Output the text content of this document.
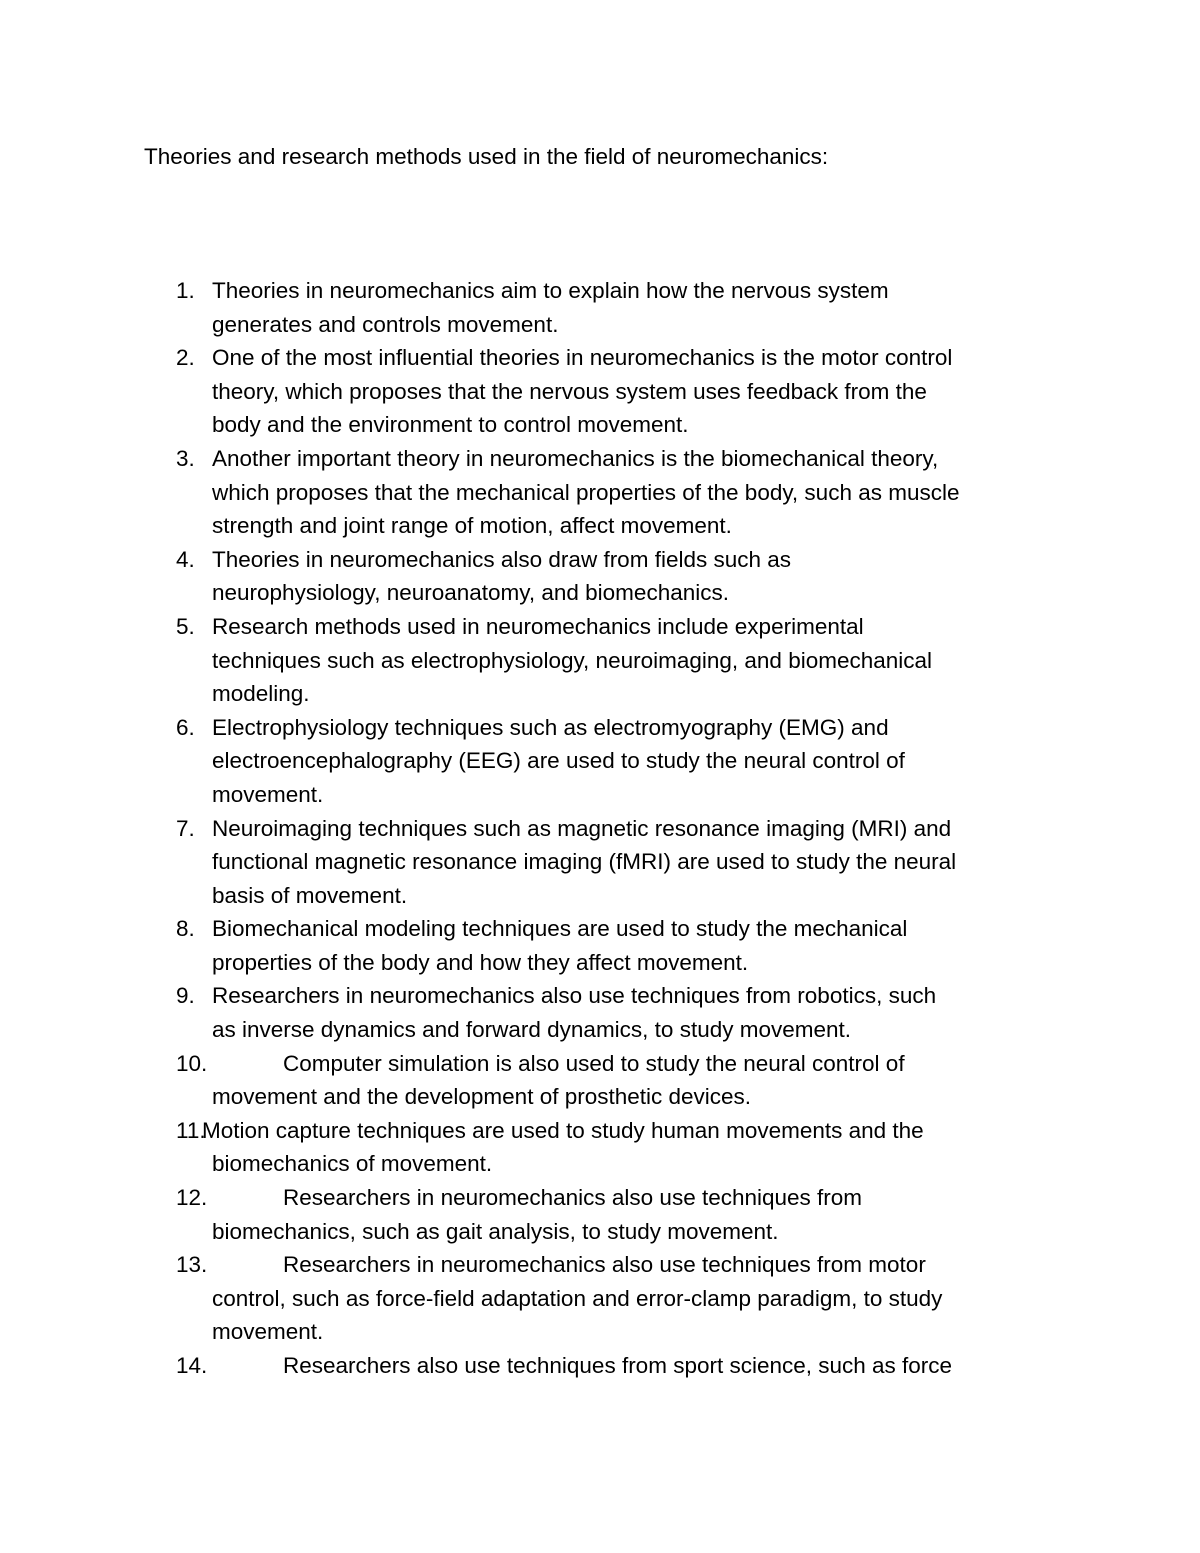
Theories and research methods used in the field of neuromechanics:
1. Theories in neuromechanics aim to explain how the nervous system
generates and controls movement.
2. One of the most influential theories in neuromechanics is the motor control
theory, which proposes that the nervous system uses feedback from the
body and the environment to control movement.
3. Another important theory in neuromechanics is the biomechanical theory,
which proposes that the mechanical properties of the body, such as muscle
strength and joint range of motion, affect movement.
4. Theories in neuromechanics also draw from fields such as
neurophysiology, neuroanatomy, and biomechanics.
5. Research methods used in neuromechanics include experimental
techniques such as electrophysiology, neuroimaging, and biomechanical
modeling.
6. Electrophysiology techniques such as electromyography (EMG) and
electroencephalography (EEG) are used to study the neural control of
movement.
7. Neuroimaging techniques such as magnetic resonance imaging (MRI) and
functional magnetic resonance imaging (fMRI) are used to study the neural
basis of movement.
8. Biomechanical modeling techniques are used to study the mechanical
properties of the body and how they affect movement.
9. Researchers in neuromechanics also use techniques from robotics, such
as inverse dynamics and forward dynamics, to study movement.
10.	Computer simulation is also used to study the neural control of
movement and the development of prosthetic devices.
11.
Motion capture techniques are used to study human movements and the
biomechanics of movement.
12.	Researchers in neuromechanics also use techniques from
biomechanics, such as gait analysis, to study movement.
13.	Researchers in neuromechanics also use techniques from motor
control, such as force-field adaptation and error-clamp paradigm, to study
movement.
14.	Researchers also use techniques from sport science, such as force
